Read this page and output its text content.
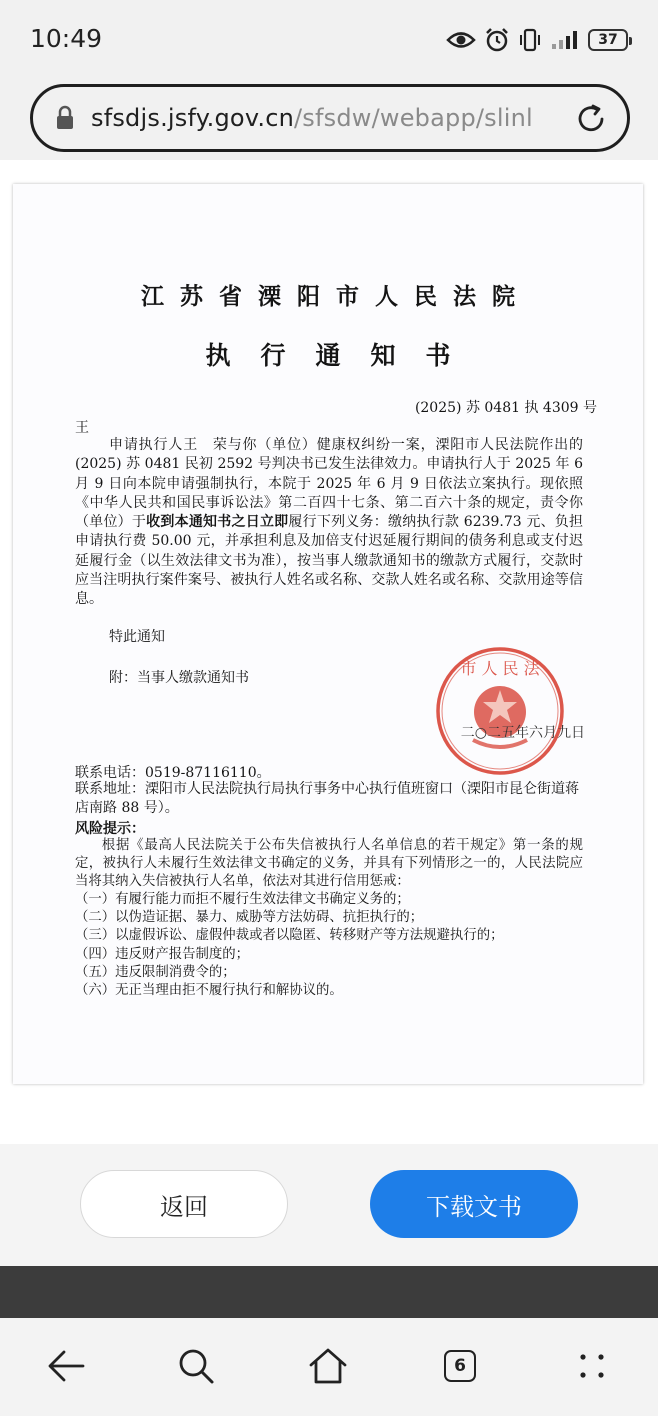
10:49	37
sfsdjs.jsfy.gov.cn/sfsdw/webapp/slinl
江苏省溧阳市人民法院
执行通知书
(2025) 苏 0481 执 4309 号
王

申请执行人王　荣与你（单位）健康权纠纷一案，溧阳市人民法院作出的 (2025) 苏 0481 民初 2592 号判决书已发生法律效力。申请执行人于 2025 年 6 月 9 日向本院申请强制执行，本院于 2025 年 6 月 9 日依法立案执行。现依照《中华人民共和国民事诉讼法》第二百四十七条、第二百六十条的规定，责令你（单位）于收到本通知书之日立即履行下列义务：缴纳执行款 6239.73 元、负担申请执行费 50.00 元，并承担利息及加倍支付迟延履行期间的债务利息或支付迟延履行金（以生效法律文书为准），按当事人缴款通知书的缴款方式履行，交款时应当注明执行案件案号、被执行人姓名或名称、交款人姓名或名称、交款用途等信息。

特此通知
附：当事人缴款通知书	市 人 民 法
二○二五年六月九日
联系电话：0519-87116110。
联系地址：溧阳市人民法院执行局执行事务中心执行值班窗口（溧阳市昆仑街道蒋店南路 88 号）。
风险提示：

根据《最高人民法院关于公布失信被执行人名单信息的若干规定》第一条的规定，被执行人未履行生效法律文书确定的义务，并具有下列情形之一的，人民法院应当将其纳入失信被执行人名单，依法对其进行信用惩戒：

（一）有履行能力而拒不履行生效法律文书确定义务的；
（二）以伪造证据、暴力、威胁等方法妨碍、抗拒执行的；
（三）以虚假诉讼、虚假仲裁或者以隐匿、转移财产等方法规避执行的；
（四）违反财产报告制度的；
（五）违反限制消费令的；
（六）无正当理由拒不履行执行和解协议的。
返回	下载文书
6
